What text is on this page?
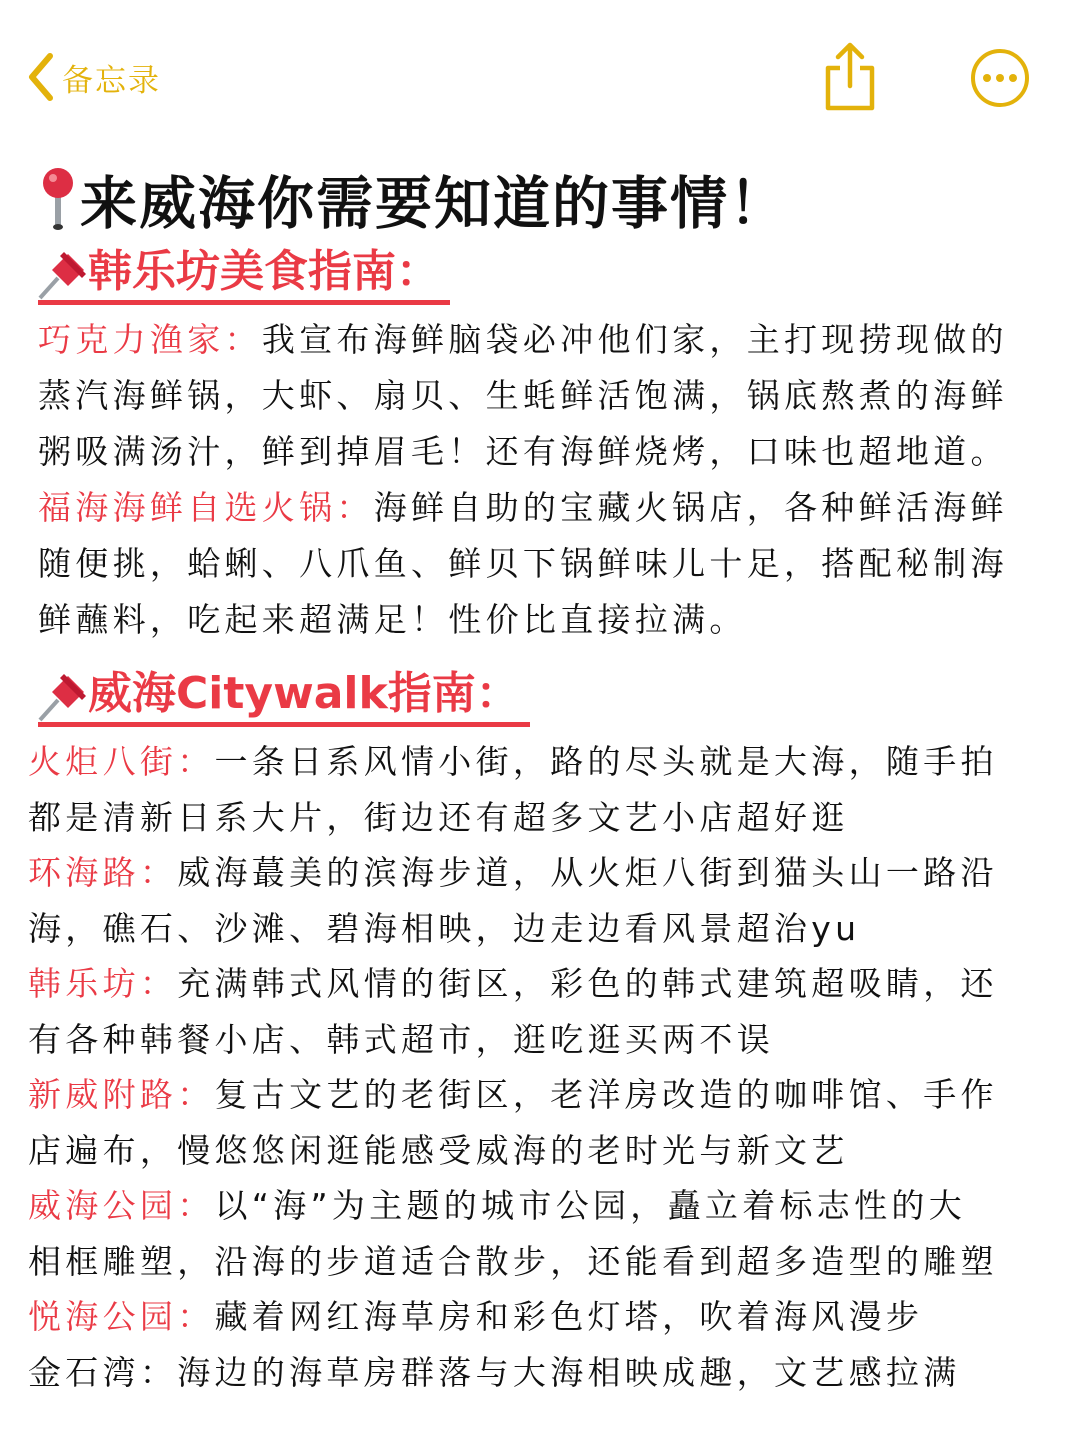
备忘录
来威海你需要知道的事情！
韩乐坊美食指南：
巧克力渔家：我宣布海鲜脑袋必冲他们家，主打现捞现做的
蒸汽海鲜锅，大虾、扇贝、生蚝鲜活饱满，锅底熬煮的海鲜
粥吸满汤汁，鲜到掉眉毛！还有海鲜烧烤，口味也超地道。
福海海鲜自选火锅：海鲜自助的宝藏火锅店，各种鲜活海鲜
随便挑，蛤蜊、八爪鱼、鲜贝下锅鲜味儿十足，搭配秘制海
鲜蘸料，吃起来超满足！性价比直接拉满。
威海Citywalk指南：
火炬八街：一条日系风情小街，路的尽头就是大海，随手拍
都是清新日系大片，街边还有超多文艺小店超好逛
环海路：威海蕞美的滨海步道，从火炬八街到猫头山一路沿
海，礁石、沙滩、碧海相映，边走边看风景超治yu
韩乐坊：充满韩式风情的街区，彩色的韩式建筑超吸睛，还
有各种韩餐小店、韩式超市，逛吃逛买两不误
新威附路：复古文艺的老街区，老洋房改造的咖啡馆、手作
店遍布，慢悠悠闲逛能感受威海的老时光与新文艺
威海公园：以“海”为主题的城市公园，矗立着标志性的大
相框雕塑，沿海的步道适合散步，还能看到超多造型的雕塑
悦海公园：藏着网红海草房和彩色灯塔，吹着海风漫步
金石湾：海边的海草房群落与大海相映成趣，文艺感拉满
